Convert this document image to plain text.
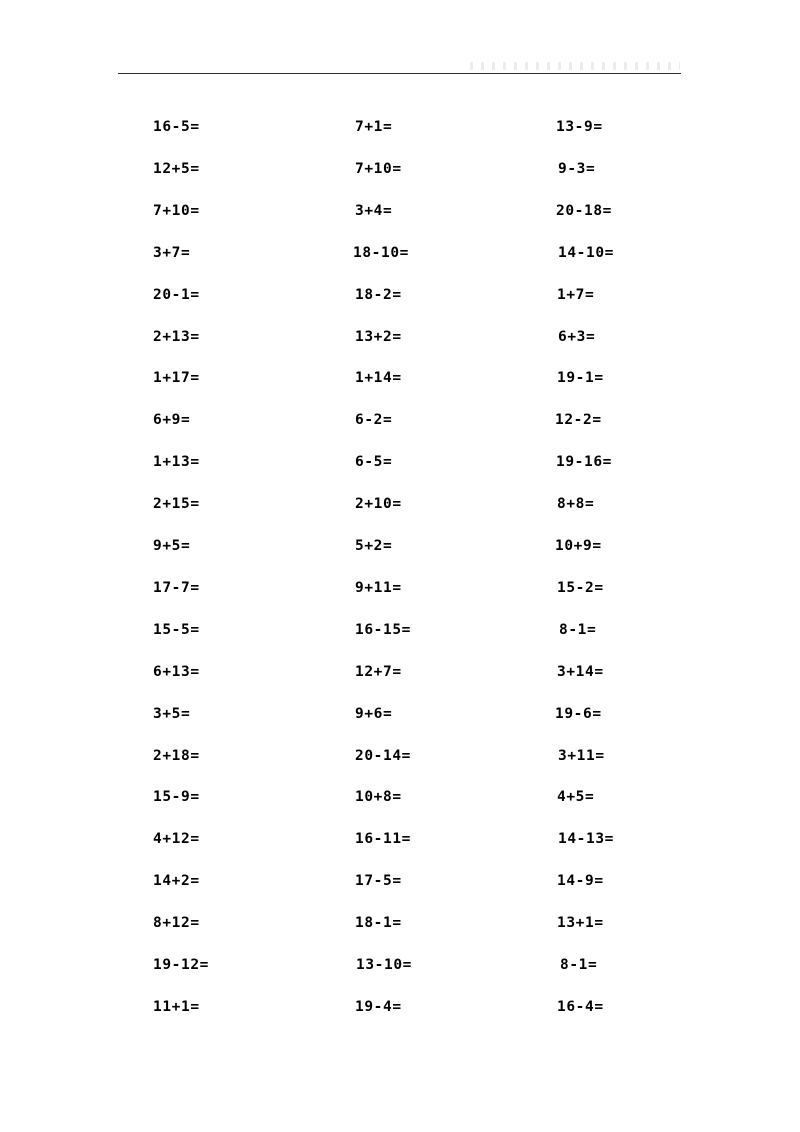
16-5=
12+5=
7+10=
3+7=
20-1=
2+13=
1+17=
6+9=
1+13=
2+15=
9+5=
17-7=
15-5=
6+13=
3+5=
2+18=
15-9=
4+12=
14+2=
8+12=
19-12=
11+1=
7+1=
7+10=
3+4=
18-10=
18-2=
13+2=
1+14=
6-2=
6-5=
2+10=
5+2=
9+11=
16-15=
12+7=
9+6=
20-14=
10+8=
16-11=
17-5=
18-1=
13-10=
19-4=
13-9=
9-3=
20-18=
14-10=
1+7=
6+3=
19-1=
12-2=
19-16=
8+8=
10+9=
15-2=
8-1=
3+14=
19-6=
3+11=
4+5=
14-13=
14-9=
13+1=
8-1=
16-4=
